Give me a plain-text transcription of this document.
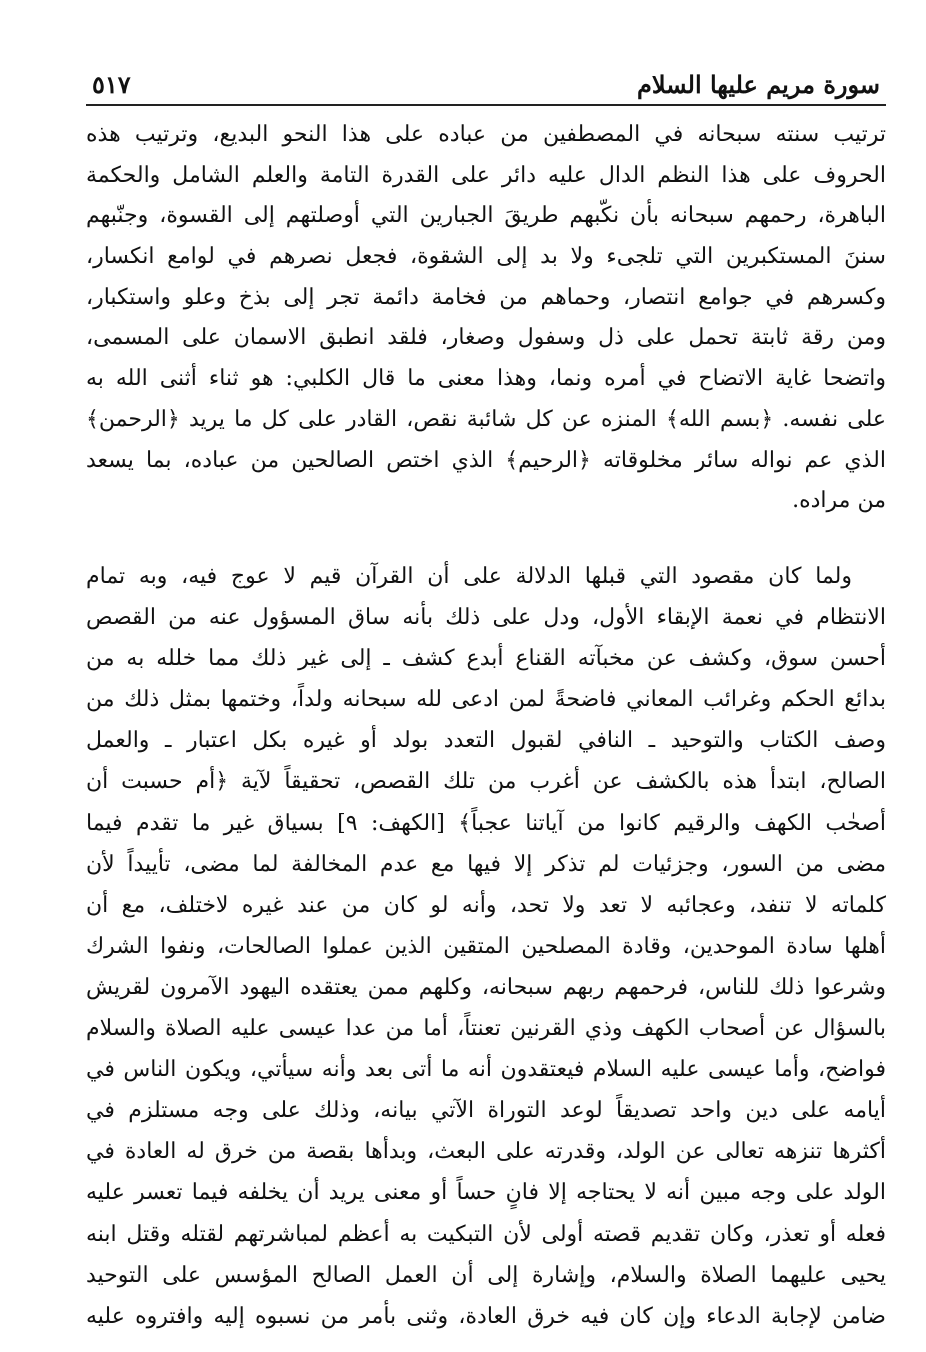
سورة مريم عليها السلام
٥١٧
ترتيب سنته سبحانه في المصطفين من عباده على هذا النحو البديع، وترتيب هذه
الحروف على هذا النظم الدال عليه دائر على القدرة التامة والعلم الشامل والحكمة
الباهرة، رحمهم سبحانه بأن نكّبهم طريقَ الجبارين التي أوصلتهم إلى القسوة، وجنّبهم
سننَ المستكبرين التي تلجىء ولا بد إلى الشقوة، فجعل نصرهم في لوامع انكسار،
وكسرهم في جوامع انتصار، وحماهم من فخامة دائمة تجر إلى بذخ وعلو واستكبار،
ومن رقة ثابتة تحمل على ذل وسفول وصغار، فلقد انطبق الاسمان على المسمى،
واتضحا غاية الاتضاح في أمره ونما، وهذا معنى ما قال الكلبي: هو ثناء أثنى الله به
على نفسه. ﴿بسم الله﴾ المنزه عن كل شائبة نقص، القادر على كل ما يريد ﴿الرحمن﴾
الذي عم نواله سائر مخلوقاته ﴿الرحيم﴾ الذي اختص الصالحين من عباده، بما يسعد
من مراده.
ولما كان مقصود التي قبلها الدلالة على أن القرآن قيم لا عوج فيه، وبه تمام
الانتظام في نعمة الإبقاء الأول، ودل على ذلك بأنه ساق المسؤول عنه من القصص
أحسن سوق، وكشف عن مخبآته القناع أبدع كشف ـ إلى غير ذلك مما خلله به من
بدائع الحكم وغرائب المعاني فاضحةً لمن ادعى لله سبحانه ولداً، وختمها بمثل ذلك من
وصف الكتاب والتوحيد ـ النافي لقبول التعدد بولد أو غيره بكل اعتبار ـ والعمل
الصالح، ابتدأ هذه بالكشف عن أغرب من تلك القصص، تحقيقاً لآية ﴿أم حسبت أن
أصحٰب الكهف والرقيم كانوا من آياتنا عجباً﴾ [الكهف: ٩] بسياق غير ما تقدم فيما
مضى من السور، وجزئيات لم تذكر إلا فيها مع عدم المخالفة لما مضى، تأييداً لأن
كلماته لا تنفد، وعجائبه لا تعد ولا تحد، وأنه لو كان من عند غيره لاختلف، مع أن
أهلها سادة الموحدين، وقادة المصلحين المتقين الذين عملوا الصالحات، ونفوا الشرك
وشرعوا ذلك للناس، فرحمهم ربهم سبحانه، وكلهم ممن يعتقده اليهود الآمرون لقريش
بالسؤال عن أصحاب الكهف وذي القرنين تعنتاً، أما من عدا عيسى عليه الصلاة والسلام
فواضح، وأما عيسى عليه السلام فيعتقدون أنه ما أتى بعد وأنه سيأتي، ويكون الناس في
أيامه على دين واحد تصديقاً لوعد التوراة الآتي بيانه، وذلك على وجه مستلزم في
أكثرها تنزهه تعالى عن الولد، وقدرته على البعث، وبدأها بقصة من خرق له العادة في
الولد على وجه مبين أنه لا يحتاجه إلا فانٍ حساً أو معنى يريد أن يخلفه فيما تعسر عليه
فعله أو تعذر، وكان تقديم قصته أولى لأن التبكيت به أعظم لمباشرتهم لقتله وقتل ابنه
يحيى عليهما الصلاة والسلام، وإشارة إلى أن العمل الصالح المؤسس على التوحيد
ضامن لإجابة الدعاء وإن كان فيه خرق العادة، وثنى بأمر من نسبوه إليه وافتروه عليه
